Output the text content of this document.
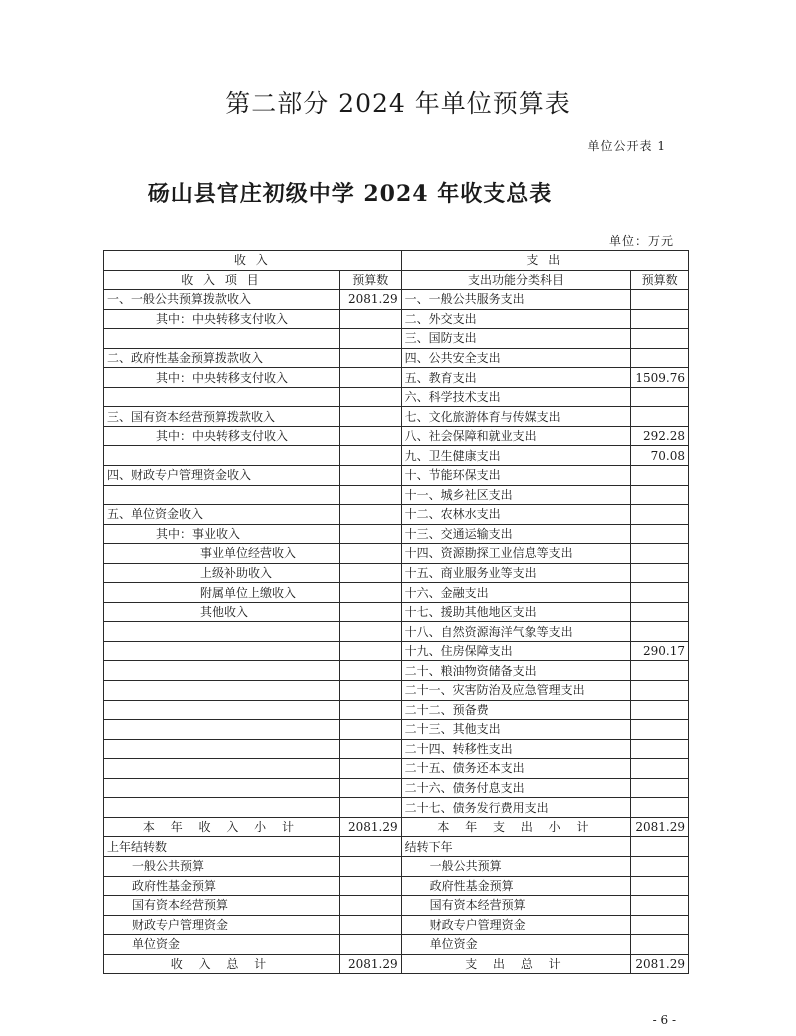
第二部分 2024 年单位预算表
单位公开表 1
砀山县官庄初级中学 2024 年收支总表
单位：万元
收 入		支 出	
收 入 项 目	预算数	支出功能分类科目	预算数
一、一般公共预算拨款收入	2081.29	一、一般公共服务支出	
其中：中央转移支付收入		二、外交支出	
		三、国防支出	
二、政府性基金预算拨款收入		四、公共安全支出	
其中：中央转移支付收入		五、教育支出	1509.76
		六、科学技术支出	
三、国有资本经营预算拨款收入		七、文化旅游体育与传媒支出	
其中：中央转移支付收入		八、社会保障和就业支出	292.28
		九、卫生健康支出	70.08
四、财政专户管理资金收入		十、节能环保支出	
		十一、城乡社区支出	
五、单位资金收入		十二、农林水支出	
其中：事业收入		十三、交通运输支出	
事业单位经营收入		十四、资源勘探工业信息等支出	
上级补助收入		十五、商业服务业等支出	
附属单位上缴收入		十六、金融支出	
其他收入		十七、援助其他地区支出	
		十八、自然资源海洋气象等支出	
		十九、住房保障支出	290.17
		二十、粮油物资储备支出	
		二十一、灾害防治及应急管理支出	
		二十二、预备费	
		二十三、其他支出	
		二十四、转移性支出	
		二十五、债务还本支出	
		二十六、债务付息支出	
		二十七、债务发行费用支出	
本 年 收 入 小 计	2081.29	本 年 支 出 小 计	2081.29
上年结转数		结转下年	
一般公共预算		一般公共预算	
政府性基金预算		政府性基金预算	
国有资本经营预算		国有资本经营预算	
财政专户管理资金		财政专户管理资金	
单位资金		单位资金	
收 入 总 计	2081.29	支 出 总 计	2081.29
- 6 -
